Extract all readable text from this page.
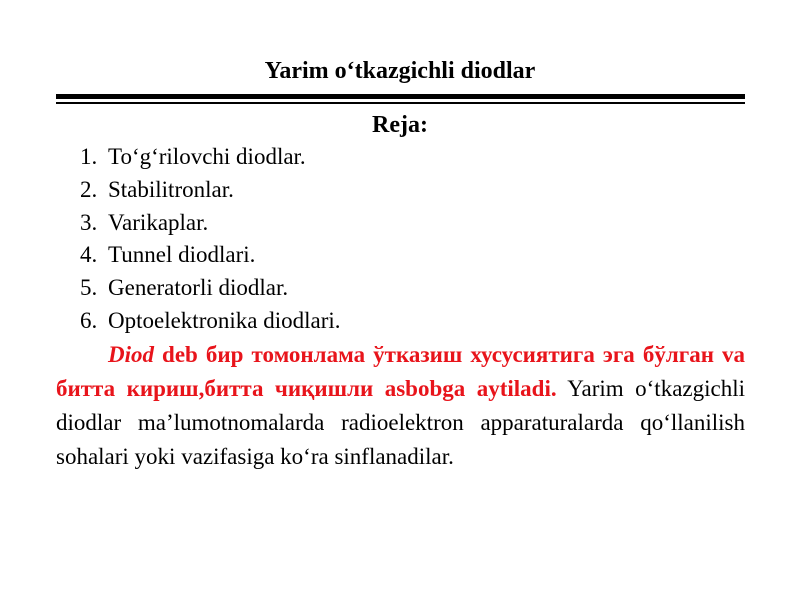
Yarim oʻtkazgichli diodlar
Reja:
1. Toʻgʻrilovchi diodlar.
2. Stabilitronlar.
3. Varikaplar.
4. Tunnel diodlari.
5. Generatorli diodlar.
6. Optoelektronika diodlari.

Diod deb бир томонлама ўтказиш хусусиятига эга бўлган va битта кириш,битта чиқишли asbobga aytiladi. Yarim oʻtkazgichli diodlar maʼlumotnomalarda radioelektron apparaturalarda qoʻllanilish sohalari yoki vazifasiga koʻra sinflanadilar.
